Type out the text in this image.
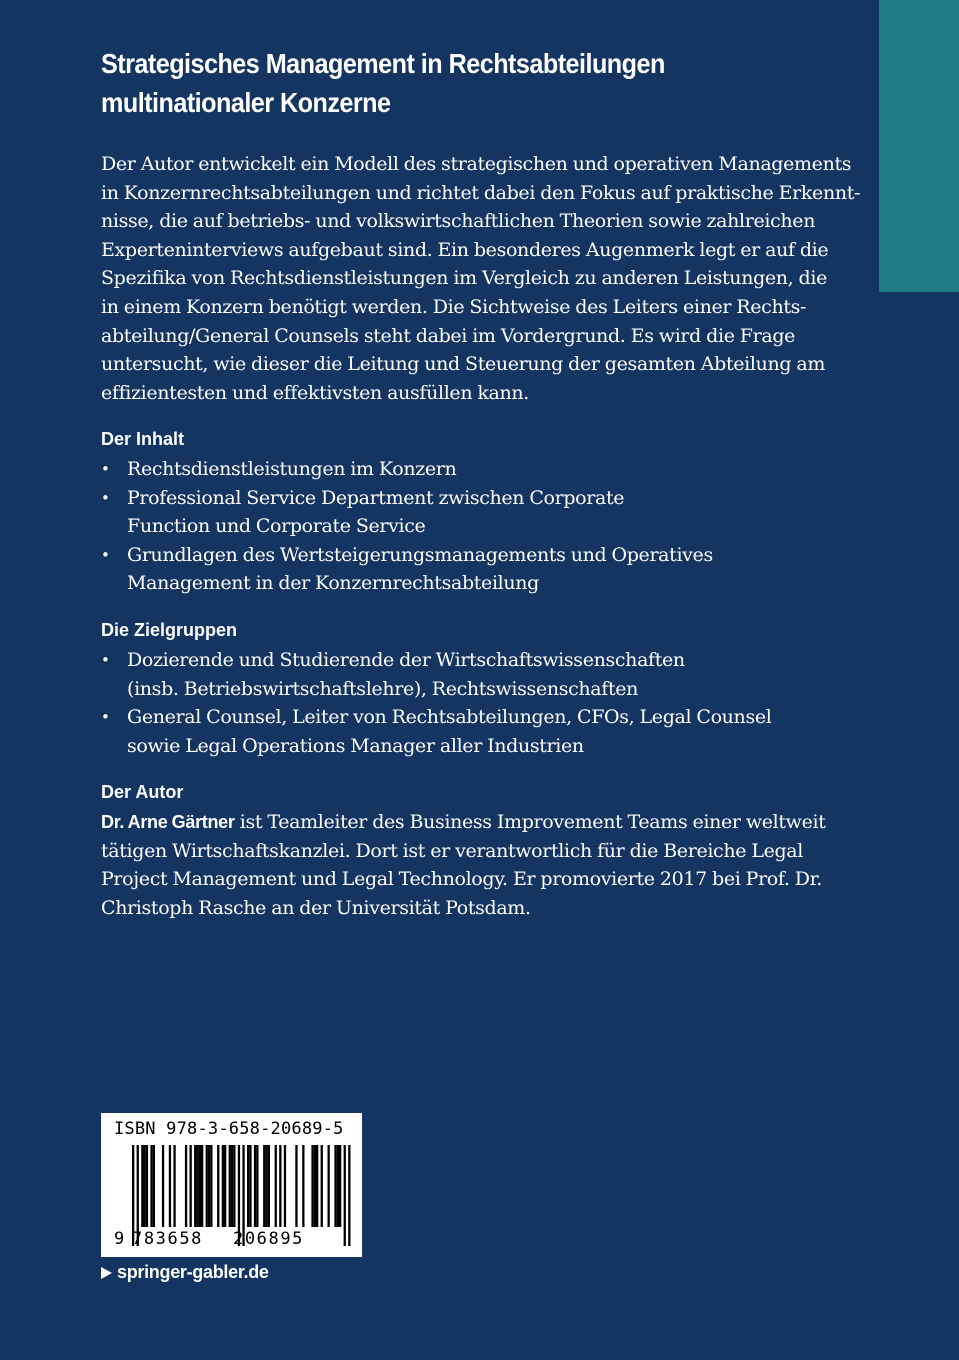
Strategisches Management in Rechtsabteilungen
multinationaler Konzerne

Der Autor entwickelt ein Modell des strategischen und operativen Managements
in Konzernrechtsabteilungen und richtet dabei den Fokus auf praktische Erkennt-
nisse, die auf betriebs- und volkswirtschaftlichen Theorien sowie zahlreichen
Experteninterviews aufgebaut sind. Ein besonderes Augenmerk legt er auf die
Spezifika von Rechtsdienstleistungen im Vergleich zu anderen Leistungen, die
in einem Konzern benötigt werden. Die Sichtweise des Leiters einer Rechts-
abteilung/General Counsels steht dabei im Vordergrund. Es wird die Frage
untersucht, wie dieser die Leitung und Steuerung der gesamten Abteilung am
effizientesten und effektivsten ausfüllen kann.

Der Inhalt
• Rechtsdienstleistungen im Konzern
• Professional Service Department zwischen Corporate
Function und Corporate Service
• Grundlagen des Wertsteigerungsmanagements und Operatives
Management in der Konzernrechtsabteilung
Die Zielgruppen
• Dozierende und Studierende der Wirtschaftswissenschaften
(insb. Betriebswirtschaftslehre), Rechtswissenschaften
• General Counsel, Leiter von Rechtsabteilungen, CFOs, Legal Counsel
sowie Legal Operations Manager aller Industrien
Der Autor

Dr. Arne Gärtner ist Teamleiter des Business Improvement Teams einer weltweit
tätigen Wirtschaftskanzlei. Dort ist er verantwortlich für die Bereiche Legal
Project Management und Legal Technology. Er promovierte 2017 bei Prof. Dr.
Christoph Rasche an der Universität Potsdam.

ISBN 978-3-658-20689-5
9 783658 206895
springer-gabler.de
